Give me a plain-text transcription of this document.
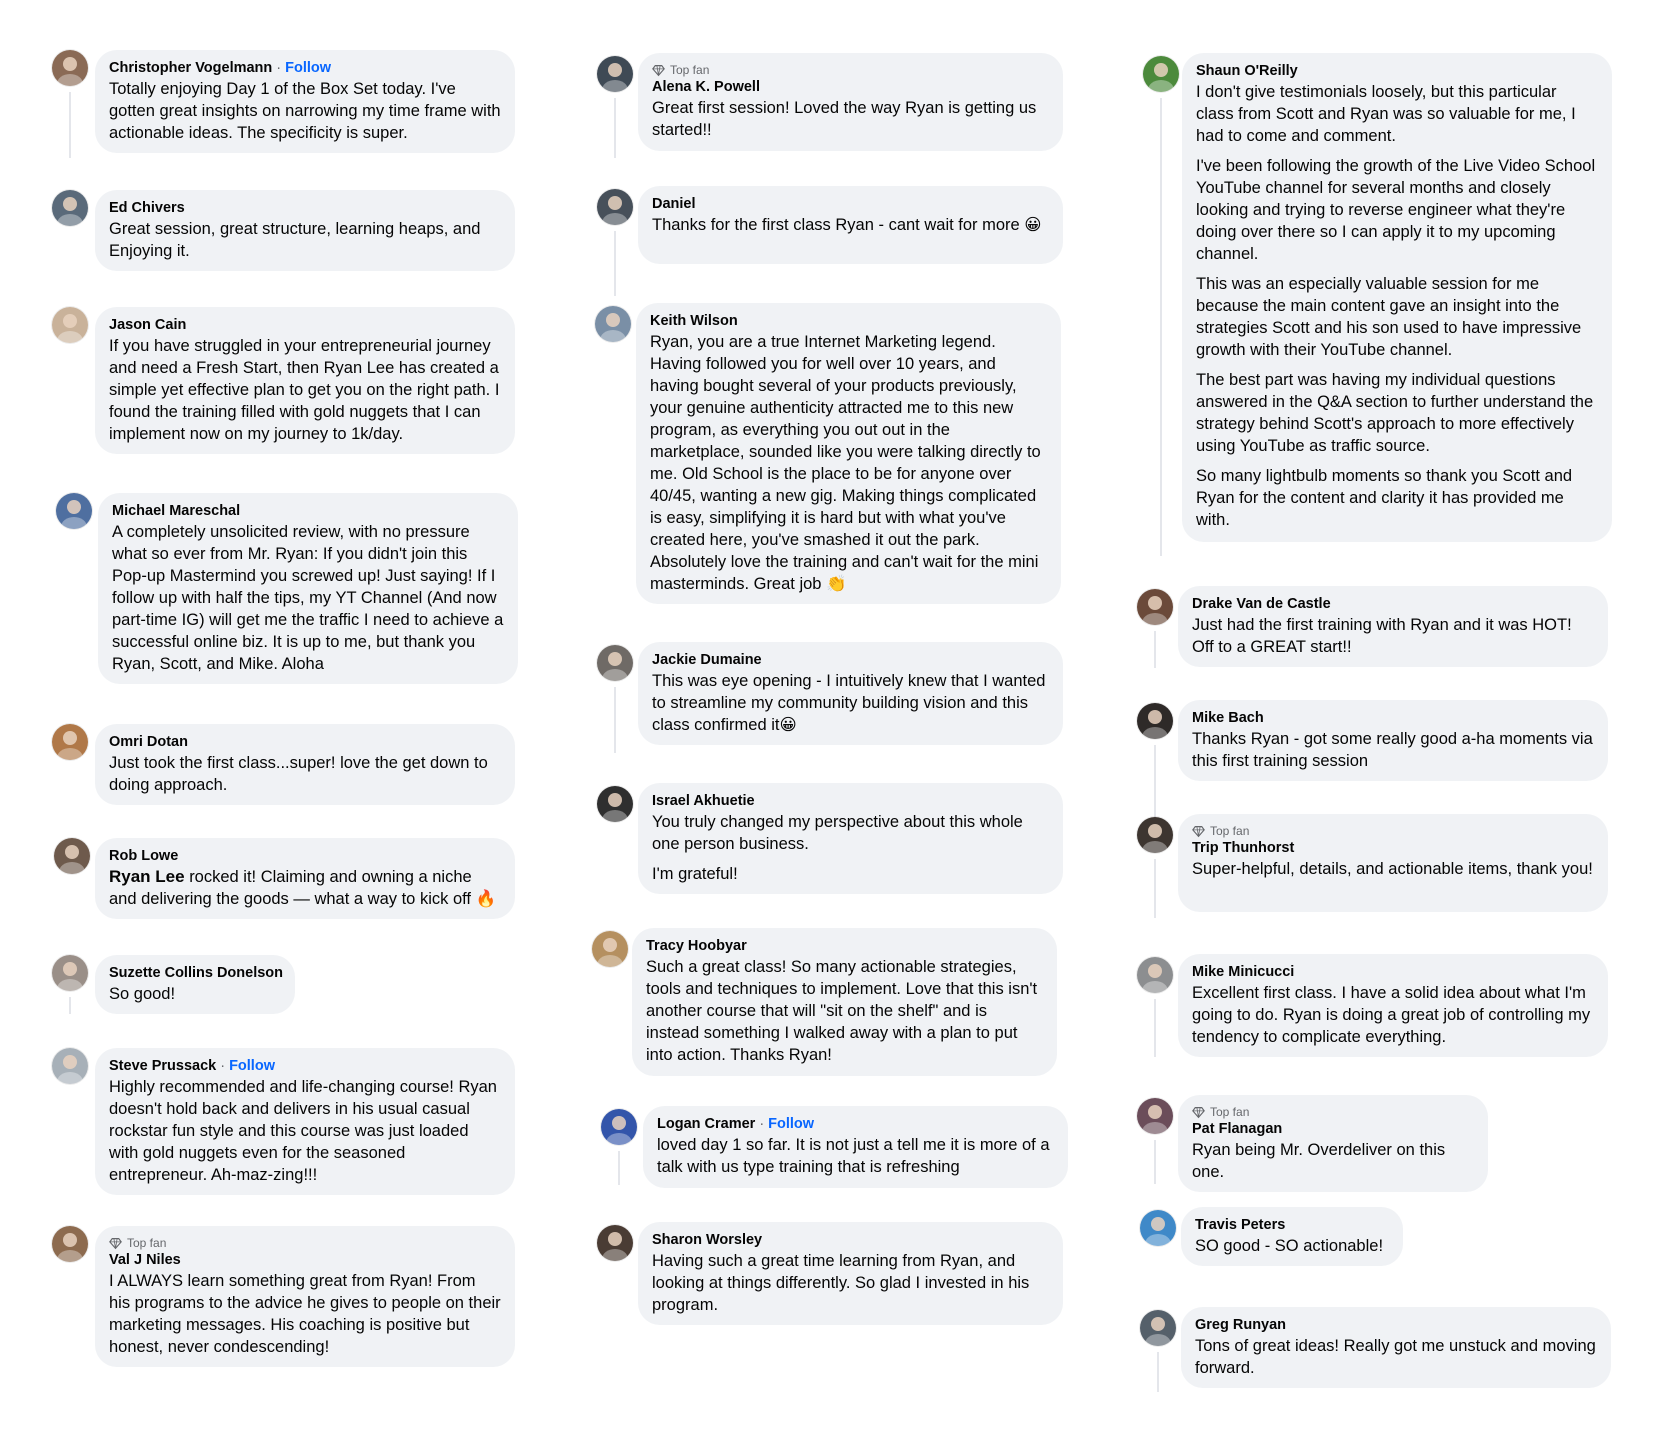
Christopher Vogelmann · Follow

Totally enjoying Day 1 of the Box Set today. I've gotten great insights on narrowing my time frame with actionable ideas. The specificity is super.

Ed Chivers

Great session, great structure, learning heaps, and Enjoying it.

Jason Cain

If you have struggled in your entrepreneurial journey and need a Fresh Start, then Ryan Lee has created a simple yet effective plan to get you on the right path. I found the training filled with gold nuggets that I can implement now on my journey to 1k/day.

Michael Mareschal

A completely unsolicited review, with no pressure what so ever from Mr. Ryan: If you didn't join this Pop-up Mastermind you screwed up! Just saying! If I follow up with half the tips, my YT Channel (And now part-time IG) will get me the traffic I need to achieve a successful online biz. It is up to me, but thank you Ryan, Scott, and Mike. Aloha

Omri Dotan

Just took the first class...super! love the get down to doing approach.

Rob Lowe

Ryan Lee rocked it! Claiming and owning a niche and delivering the goods — what a way to kick off 🔥

Suzette Collins Donelson

So good!

Steve Prussack · Follow

Highly recommended and life-changing course! Ryan doesn't hold back and delivers in his usual casual rockstar fun style and this course was just loaded with gold nuggets even for the seasoned entrepreneur. Ah-maz-zing!!!

Top fan
Val J Niles

I ALWAYS learn something great from Ryan! From his programs to the advice he gives to people on their marketing messages. His coaching is positive but honest, never condescending!

Top fan
Alena K. Powell

Great first session! Loved the way Ryan is getting us started!!

Daniel

Thanks for the first class Ryan - cant wait for more 😀

Keith Wilson

Ryan, you are a true Internet Marketing legend. Having followed you for well over 10 years, and having bought several of your products previously, your genuine authenticity attracted me to this new program, as everything you out out in the marketplace, sounded like you were talking directly to me. Old School is the place to be for anyone over 40/45, wanting a new gig. Making things complicated is easy, simplifying it is hard but with what you've created here, you've smashed it out the park. Absolutely love the training and can't wait for the mini masterminds. Great job 👏

Jackie Dumaine

This was eye opening - I intuitively knew that I wanted to streamline my community building vision and this class confirmed it😀

Israel Akhuetie

You truly changed my perspective about this whole one person business.

I'm grateful!

Tracy Hoobyar

Such a great class! So many actionable strategies, tools and techniques to implement. Love that this isn't another course that will "sit on the shelf" and is instead something I walked away with a plan to put into action. Thanks Ryan!

Logan Cramer · Follow

loved day 1 so far. It is not just a tell me it is more of a talk with us type training that is refreshing

Sharon Worsley

Having such a great time learning from Ryan, and looking at things differently. So glad I invested in his program.

Shaun O'Reilly

I don't give testimonials loosely, but this particular class from Scott and Ryan was so valuable for me, I had to come and comment.

I've been following the growth of the Live Video School YouTube channel for several months and closely looking and trying to reverse engineer what they're doing over there so I can apply it to my upcoming channel.

This was an especially valuable session for me because the main content gave an insight into the strategies Scott and his son used to have impressive growth with their YouTube channel.

The best part was having my individual questions answered in the Q&A section to further understand the strategy behind Scott's approach to more effectively using YouTube as traffic source.

So many lightbulb moments so thank you Scott and Ryan for the content and clarity it has provided me with.

Drake Van de Castle

Just had the first training with Ryan and it was HOT! Off to a GREAT start!!

Mike Bach

Thanks Ryan - got some really good a-ha moments via this first training session

Top fan
Trip Thunhorst

Super-helpful, details, and actionable items, thank you!

Mike Minicucci

Excellent first class. I have a solid idea about what I'm going to do. Ryan is doing a great job of controlling my tendency to complicate everything.

Top fan
Pat Flanagan

Ryan being Mr. Overdeliver on this one.

Travis Peters

SO good - SO actionable!

Greg Runyan

Tons of great ideas! Really got me unstuck and moving forward.
